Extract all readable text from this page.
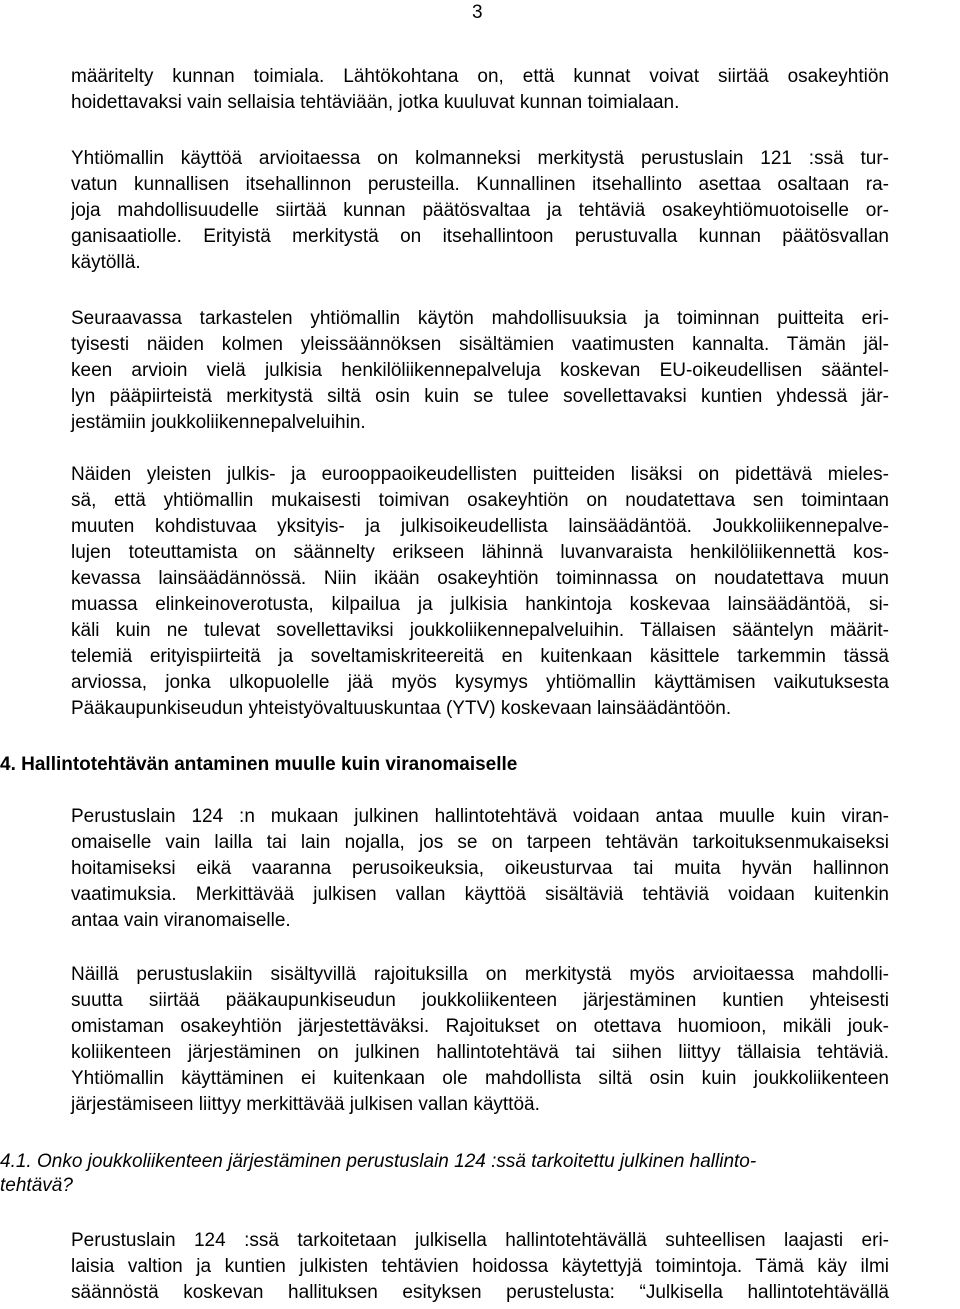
3
määritelty kunnan toimiala. Lähtökohtana on, että kunnat voivat siirtää osakeyhtiön
hoidettavaksi vain sellaisia tehtäviään, jotka kuuluvat kunnan toimialaan.
Yhtiömallin käyttöä arvioitaessa on kolmanneksi merkitystä perustuslain 121 :ssä tur-
vatun kunnallisen itsehallinnon perusteilla. Kunnallinen itsehallinto asettaa osaltaan ra-
joja mahdollisuudelle siirtää kunnan päätösvaltaa ja tehtäviä osakeyhtiömuotoiselle or-
ganisaatiolle. Erityistä merkitystä on itsehallintoon perustuvalla kunnan päätösvallan
käytöllä.
Seuraavassa tarkastelen yhtiömallin käytön mahdollisuuksia ja toiminnan puitteita eri-
tyisesti näiden kolmen yleissäännöksen sisältämien vaatimusten kannalta. Tämän jäl-
keen arvioin vielä julkisia henkilöliikennepalveluja koskevan EU-oikeudellisen sääntel-
lyn pääpiirteistä merkitystä siltä osin kuin se tulee sovellettavaksi kuntien yhdessä jär-
jestämiin joukkoliikennepalveluihin.
Näiden yleisten julkis- ja eurooppaoikeudellisten puitteiden lisäksi on pidettävä mieles-
sä, että yhtiömallin mukaisesti toimivan osakeyhtiön on noudatettava sen toimintaan
muuten kohdistuvaa yksityis- ja julkisoikeudellista lainsäädäntöä. Joukkoliikennepalve-
lujen toteuttamista on säännelty erikseen lähinnä luvanvaraista henkilöliikennettä kos-
kevassa lainsäädännössä. Niin ikään osakeyhtiön toiminnassa on noudatettava muun
muassa elinkeinoverotusta, kilpailua ja julkisia hankintoja koskevaa lainsäädäntöä, si-
käli kuin ne tulevat sovellettaviksi joukkoliikennepalveluihin. Tällaisen sääntelyn määrit-
telemiä erityispiirteitä ja soveltamiskriteereitä en kuitenkaan käsittele tarkemmin tässä
arviossa, jonka ulkopuolelle jää myös kysymys yhtiömallin käyttämisen vaikutuksesta
Pääkaupunkiseudun yhteistyövaltuuskuntaa (YTV) koskevaan lainsäädäntöön.
4. Hallintotehtävän antaminen muulle kuin viranomaiselle
Perustuslain 124 :n mukaan julkinen hallintotehtävä voidaan antaa muulle kuin viran-
omaiselle vain lailla tai lain nojalla, jos se on tarpeen tehtävän tarkoituksenmukaiseksi
hoitamiseksi eikä vaaranna perusoikeuksia, oikeusturvaa tai muita hyvän hallinnon
vaatimuksia. Merkittävää julkisen vallan käyttöä sisältäviä tehtäviä voidaan kuitenkin
antaa vain viranomaiselle.
Näillä perustuslakiin sisältyvillä rajoituksilla on merkitystä myös arvioitaessa mahdolli-
suutta siirtää pääkaupunkiseudun joukkoliikenteen järjestäminen kuntien yhteisesti
omistaman osakeyhtiön järjestettäväksi. Rajoitukset on otettava huomioon, mikäli jouk-
koliikenteen järjestäminen on julkinen hallintotehtävä tai siihen liittyy tällaisia tehtäviä.
Yhtiömallin käyttäminen ei kuitenkaan ole mahdollista siltä osin kuin joukkoliikenteen
järjestämiseen liittyy merkittävää julkisen vallan käyttöä.
4.1. Onko joukkoliikenteen järjestäminen perustuslain 124 :ssä tarkoitettu julkinen hallinto-
tehtävä?
Perustuslain 124 :ssä tarkoitetaan julkisella hallintotehtävällä suhteellisen laajasti eri-
laisia valtion ja kuntien julkisten tehtävien hoidossa käytettyjä toimintoja. Tämä käy ilmi
säännöstä koskevan hallituksen esityksen perustelusta: “Julkisella hallintotehtävällä
